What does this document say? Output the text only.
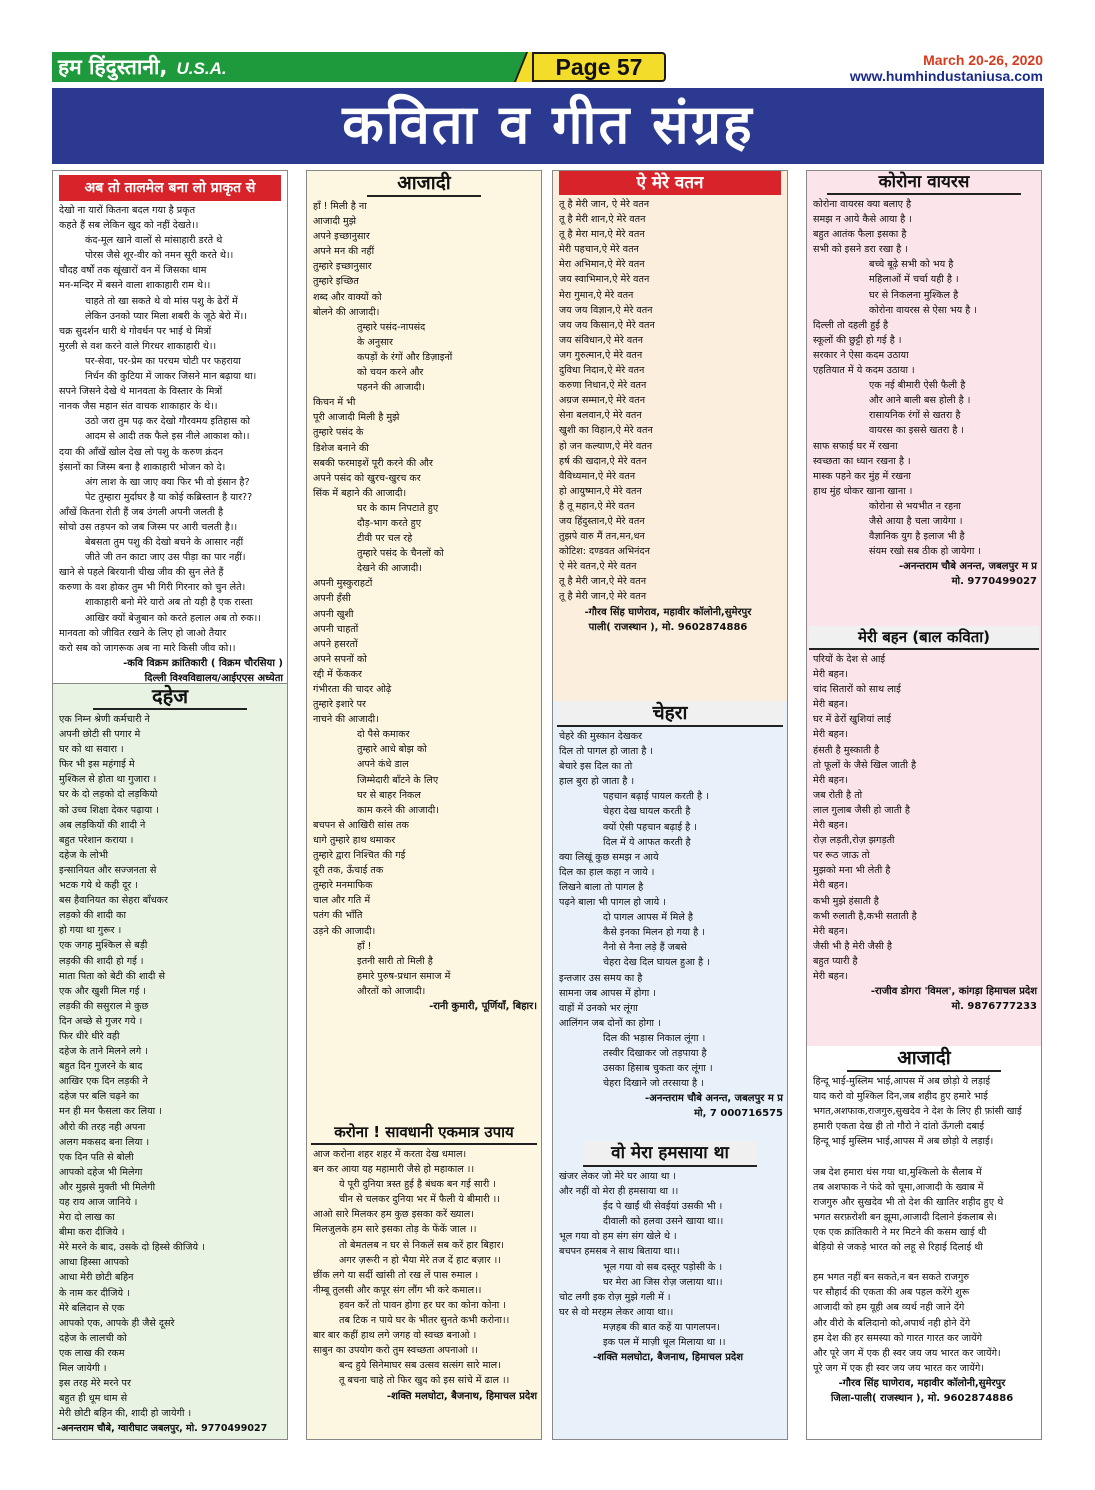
हम हिंदुस्तानी, U.S.A.	Page 57	March 20-26, 2020
www.humhindustaniusa.com
कविता व गीत संग्रह
अब तो तालमेल बना लो प्राकृत से
देखो ना यारों कितना बदल गया है प्रकृत
कहते हैं सब लेकिन खुद को नहीं देखते।।
कंद-मूल खाने वालों से मांसाहारी डरते थे
पोरस जैसे शूर-वीर को नमन सूरी करते थे।।
चौदह वर्षों तक खूंखारों वन में जिसका धाम
मन-मन्दिर में बसने वाला शाकाहारी राम थे।।
चाहते तो खा सकते थे वो मांस पशु के ढेरों में
लेकिन उनको प्यार मिला शबरी के जूठे बेरो में।।
चक्र सुदर्शन धारी थे गोवर्धन पर भाई थे मित्रों
मुरली से वश करने वाले गिरधर शाकाहारी थे।।
पर-सेवा, पर-प्रेम का परचम चोटी पर फहराया
निर्धन की कुटिया में जाकर जिसने मान बढ़ाया था।
सपने जिसने देखे थे मानवता के विस्तार के मित्रों
नानक जैस महान संत वाचक शाकाहार के थे।।
उठो जरा तुम पढ़ कर देखो गौरवमय इतिहास को
आदम से आदी तक फैले इस नीले आकाश को।।
दया की आँखें खोल देख लो पशु के करुण क्रंदन
इंसानों का जिस्म बना है शाकाहारी भोजन को दे।
अंग लाश के खा जाए क्या फिर भी वो इंसान है?
पेट तुम्हारा मुर्दाघर है या कोई कब्रिस्तान है यार??
आँखें कितना रोती हैं जब उंगली अपनी जलती है
सोचो उस तड़पन को जब जिस्म पर आरी चलती है।।
बेबसता तुम पशु की देखो बचने के आसार नहीं
जीते जी तन काटा जाए उस पीड़ा का पार नहीं।
खाने से पहले बिरयानी चीख जीव की सुन लेते हैं
करुणा के वश होकर तुम भी गिरी गिरनार को चुन लेते।
शाकाहारी बनो मेरे यारो अब तो यही है एक रास्ता
आखिर क्यों बेजुबान को करते हलाल अब तो रुक।।
मानवता को जीवित रखने के लिए हो जाओ तैयार
करो सब को जागरूक अब ना मारे किसी जीव को।।
-कवि विक्रम क्रांतिकारी ( विक्रम चौरसिया )
दिल्ली विश्वविद्यालय/आईएएस अध्येता
दहेज
एक निम्न श्रेणी कर्मचारी ने
अपनी छोटी सी पगार मे
घर को था सवारा ।
फिर भी इस महंगाई मे
मुश्किल से होता था गुजारा ।
घर के दो लड़को दो लड़कियो
को उच्च शिक्षा देकर पढ़ाया ।
अब लड़कियों की शादी ने
बहुत परेशान कराया ।
दहेज के लोभी
इन्सानियत और सज्जनता से
भटक गये थे कही दूर ।
बस हैवानियत का सेहरा बाँधकर
लड़को की शादी का
हो गया था गुरूर ।
एक जगह मुश्किल से बड़ी
लड़की की शादी हो गई ।
माता पिता को बेटी की शादी से
एक और खुशी मिल गई ।
लड़की की ससुराल मे कुछ
दिन अच्छे से गुजर गये ।
फिर धीरे धीरे वही
दहेज के ताने मिलने लगे ।
बहुत दिन गुजरने के बाद
आखिर एक दिन लड़की ने
दहेज पर बलि चढ़ने का
मन ही मन फैसला कर लिया ।
औरो की तरह नही अपना
अलग मकसद बना लिया ।
एक दिन पति से बोली
आपको दहेज भी मिलेगा
और मुझसे मुक्ती भी मिलेगी
यह राय आज जानिये ।
मेरा दो लाख का
बीमा करा दीजिये ।
मेरे मरने के बाद, उसके दो हिस्से कीजिये ।
आधा हिस्सा आपको
आधा मेरी छोटी बहिन
के नाम कर दीजिये ।
मेरे बलिदान से एक
आपको एक, आपके ही जैसे दूसरे
दहेज के लालची को
एक लाख की रकम
मिल जायेगी ।
इस तरह मेरे मरने पर
बहुत ही धूम धाम से
मेरी छोटी बहिन की, शादी हो जायेगी ।
-अनन्तराम चौबे, ग्वारीघाट जबलपुर, मो. 9770499027
आजादी
हाँ ! मिली है ना
आजादी मुझे
अपने इच्छानुसार
अपने मन की नहीं
तुम्हारे इच्छानुसार
तुम्हारे इच्छित
शब्द और वाक्यों को
बोलने की आजादी।
तुम्हारे पसंद-नापसंद
के अनुसार
कपड़ों के रंगों और डिज़ाइनों
को चयन करने और
पहनने की आजादी।
किचन में भी
पूरी आजादी मिली है मुझे
तुम्हारे पसंद के
डिशेज बनाने की
सबकी फरमाइशें पूरी करने की और
अपने पसंद को खुरच-खुरच कर
सिंक में बहाने की आजादी।
घर के काम निपटाते हुए
दौड़-भाग करते हुए
टीवी पर चल रहे
तुम्हारे पसंद के चैनलों को
देखने की आजादी।
अपनी मुस्कुराहटों
अपनी हँसी
अपनी खुशी
अपनी चाहतों
अपने हसरतों
अपने सपनों को
रद्दी में फेंककर
गंभीरता की चादर ओढ़े
तुम्हारे इशारे पर
नाचने की आजादी।
दो पैसे कमाकर
तुम्हारे आधे बोझ को
अपने कंधे डाल
जिम्मेदारी बाँटने के लिए
घर से बाहर निकल
काम करने की आजादी।
बचपन से आखिरी सांस तक
धागे तुम्हारे हाथ थमाकर
तुम्हारे द्वारा निश्चित की गई
दूरी तक, ऊँचाई तक
तुम्हारे मनमाफिक
चाल और गति में
पतंग की भाँति
उड़ने की आजादी।
हाँ !
इतनी सारी तो मिली है
हमारे पुरुष-प्रधान समाज में
औरतों को आजादी।
-रानी कुमारी, पूर्णियाँ, बिहार।
करोना ! सावधानी एकमात्र उपाय
आज करोना शहर शहर में करता देख धमाल।
बन कर आया यह महामारी जैसे हो महाकाल ।।
ये पूरी दुनिया त्रस्त हुई है बंधक बन गई सारी ।
चीन से चलकर दुनिया भर में फैली ये बीमारी ।।
आओ सारे मिलकर हम कुछ इसका करें ख्याल।
मिलजुलके हम सारे इसका तोड़ के फेंकें जाल ।।
तो बेमतलब न घर से निकलें सब करें हार बिहार।
अगर ज़रूरी न हो भैया मेरे तज दें हाट बज़ार ।।
छींक लगे या सर्दी खांसी तो रख लें पास रुमाल ।
नीम्बू तुलसी और कपूर संग लौंग भी करे कमाल।।
हवन करें तो पावन होगा हर घर का कोना कोना ।
तब टिक न पाये घर के भीतर सुनते कभी करोना।।
बार बार कहीं हाथ लगे जगह वो स्वच्छ बनाओ ।
साबुन का उपयोग करो तुम स्वच्छता अपनाओ ।।
बन्द हुये सिनेमाघर सब उत्सव सत्संग सारे माल।
तू बचना चाहे तो फिर खुद को इस सांचे में ढाल ।।
-शक्ति मलघोटा, बैजनाथ, हिमाचल प्रदेश
ऐ मेरे वतन
तू है मेरी जान, ऐ मेरे वतन
तू है मेरी शान,ऐ मेरे वतन
तू है मेरा मान,ऐ मेरे वतन
मेरी पहचान,ऐ मेरे वतन
मेरा अभिमान,ऐ मेरे वतन
जय स्वाभिमान,ऐ मेरे वतन
मेरा गुमान,ऐ मेरे वतन
जय जय विज्ञान,ऐ मेरे वतन
जय जय किसान,ऐ मेरे वतन
जय संविधान,ऐ मेरे वतन
जग गुरुत्मान,ऐ मेरे वतन
दुविधा निदान,ऐ मेरे वतन
करुणा निधान,ऐ मेरे वतन
अग्रज सम्मान,ऐ मेरे वतन
सेना बलवान,ऐ मेरे वतन
खुशी का विहान,ऐ मेरे वतन
हो जन कल्याण,ऐ मेरे वतन
हर्ष की खदान,ऐ मेरे वतन
वैविध्यमान,ऐ मेरे वतन
हो आयुष्मान,ऐ मेरे वतन
है तू महान,ऐ मेरे वतन
जय हिंदुस्तान,ऐ मेरे वतन
तुझपे वारु मैं तन,मन,धन
कोटिश: दण्डवत अभिनंदन
ऐ मेरे वतन,ऐ मेरे वतन
तू है मेरी जान,ऐ मेरे वतन
तू है मेरी जान,ऐ मेरे वतन
-गौरव सिंह घाणेराव, महावीर कॉलोनी,सुमेरपुर
पाली( राजस्थान ), मो. 9602874886
चेहरा
चेहरे की मुस्कान देखकर
दिल तो पागल हो जाता है ।
बेचारे इस दिल का तो
हाल बुरा हो जाता है ।
पहचान बढ़ाई पायल करती है ।
चेहरा देख घायल करती है
क्यों ऐसी पहचान बढ़ाई है ।
दिल में ये आफत करती है
क्या लिखूं कुछ समझ न आये
दिल का हाल कहा न जाये ।
लिखने बाला तो पागल है
पढ़ने बाला भी पागल हो जाये ।
दो पागल आपस में मिले है
कैसे इनका मिलन हो गया है ।
नैनो से नैना लड़े हैं जबसे
चेहरा देख दिल घायल हुआ है ।
इन्तजार उस समय का है
सामना जब आपस में होगा ।
वाहों में उनको भर लूंगा
आलिंगन जब दोनों का होगा ।
दिल की भड़ास निकाल लूंगा ।
तस्वीर दिखाकर जो तड़पाया है
उसका हिसाब चुकता कर लूंगा ।
चेहरा दिखाने जो तरसाया है ।
-अनन्तराम चौबे अनन्त, जबलपुर म प्र
मो, 7 000716575
वो मेरा हमसाया था
खंजर लेकर जो मेरे घर आया था ।
और नहीं वो मेरा ही हमसाया था ।।
ईद पे खाईं थी सेवईयां उसकी भी ।
दीवाली को हलवा उसने खाया था।।
भूल गया वो हम संग संग खेले थे ।
बचपन हमसब ने साथ बिताया था।।
भूल गया वो सब दस्तूर पड़ोसी के ।
घर मेरा आ जिस रोज़ जलाया था।।
चोट लगी इक रोज़ मुझे गली में ।
घर से वो मरहम लेकर आया था।।
मज़हब की बात कहें या पागलपन।
इक पल में माज़ी धूल मिलाया था ।।
-शक्ति मलघोटा, बैजनाथ, हिमाचल प्रदेश
कोरोना वायरस
कोरोना वायरस क्या बलाए है
समझ न आये कैसे आया है ।
बहुत आतंक फैला इसका है
सभी को इसने डरा रखा है ।
बच्चे बूढ़े सभी को भय है
महिलाओं में चर्चा यही है ।
घर से निकलना मुश्किल है
कोरोना वायरस से ऐसा भय है ।
दिल्ली तो दहली हुई है
स्कूलों की छुट्टी हो गई है ।
सरकार ने ऐसा कदम उठाया
एहतियात में ये कदम उठाया ।
एक नई बीमारी ऐसी फैली है
और आने बाली बस होली है ।
रासायनिक रंगों से खतरा है
वायरस का इससे खतरा है ।
साफ सफाई घर में रखना
स्वच्छता का ध्यान रखना है ।
मास्क पहने कर मुंह में रखना
हाथ मुंह धोकर खाना खाना ।
कोरोना से भयभीत न रहना
जैसे आया है चला जायेगा ।
वैज्ञानिक युग है इलाज भी है
संयम रखो सब ठीक हो जायेगा ।
-अनन्तराम चौबे अनन्त, जबलपुर म प्र
मो. 9770499027
मेरी बहन (बाल कविता)
परियों के देश से आई
मेरी बहन।
चांद सितारों को साथ लाई
मेरी बहन।
घर में ढेरों खुशियां लाई
मेरी बहन।
हंसती है मुस्काती है
तो फूलों के जैसे खिल जाती है
मेरी बहन।
जब रोती है तो
लाल गुलाब जैसी हो जाती है
मेरी बहन।
रोज़ लड़ती,रोज़ झगड़ती
पर रूठ जाऊ तो
मुझको मना भी लेती है
मेरी बहन।
कभी मुझे हंसाती है
कभी रुलाती है,कभी सताती है
मेरी बहन।
जैसी भी है मेरी जैसी है
बहुत प्यारी है
मेरी बहन।
-राजीव डोगरा 'विमल', कांगड़ा हिमाचल प्रदेश
मो. 9876777233
आजादी
हिन्दू भाई-मुस्लिम भाई,आपस में अब छोड़ो ये लड़ाई
याद करो वो मुश्किल दिन,जब शहीद हुए हमारे भाई
भगत,अशफाक,राजगुरु,सुखदेव ने देश के लिए ही फ़ांसी खाई
हमारी एकता देख ही तो गौरो ने दांतो ऊँगली दबाई
हिन्दू भाई मुस्लिम भाई,आपस में अब छोड़ो ये लड़ाई।

जब देश हमारा धंस गया था,मुश्किलो के सैलाब में
तब अशफाक ने फंदे को चूमा,आजादी के ख्वाब में
राजगुरु और सुखदेव भी तो देश की खातिर शहीद हुए थे
भगत सरफ़रोशी बन झूमा,आजादी दिलाने इंकलाब से।
एक एक क्रांतिकारी ने मर मिटने की कसम खाई थी
बेड़ियो से जकड़े भारत को लहू से रिहाई दिलाई थी

हम भगत नहीं बन सकते,न बन सकते राजगुरु
पर सौहार्द की एकता की अब पहल करेंगे शुरू
आजादी को हम यूही अब व्यर्थ नही जाने देंगे
और वीरो के बलिदानो को,अपार्थ नही होने देंगे
हम देश की हर समस्या को गारत गारत कर जायेंगे
और पूरे जग में एक ही स्वर जय जय भारत कर जायेंगे।
पूरे जग में एक ही स्वर जय जय भारत कर जायेंगे।
-गौरव सिंह घाणेराव, महावीर कॉलोनी,सुमेरपुर
जिला-पाली( राजस्थान ), मो. 9602874886
